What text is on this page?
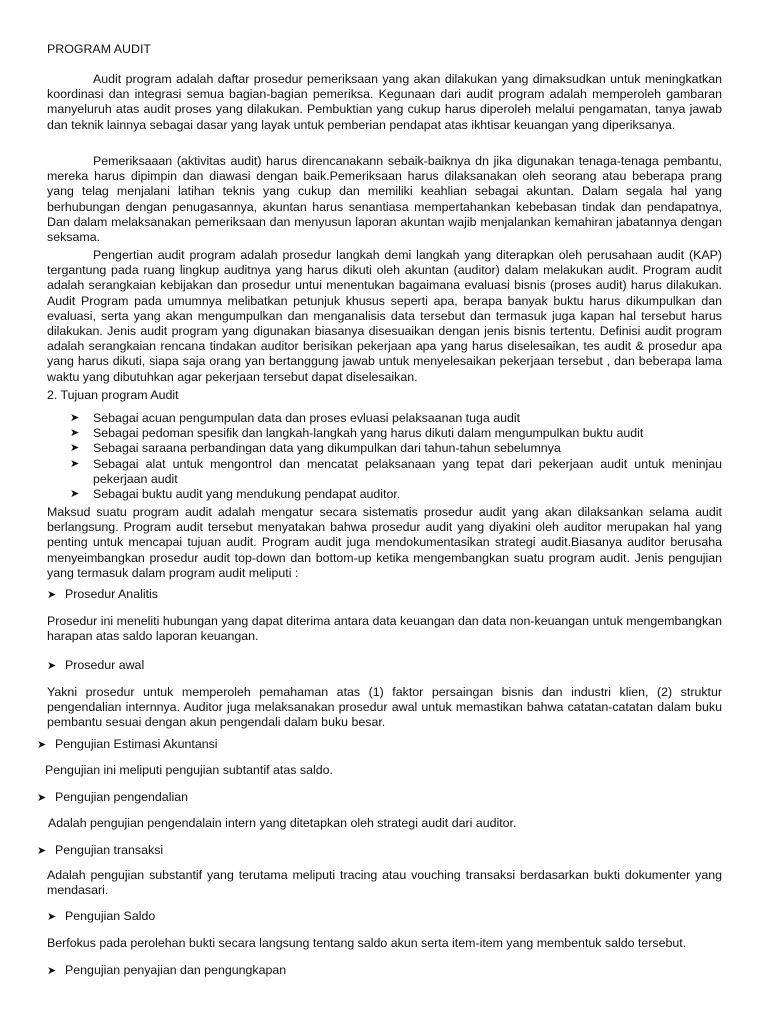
PROGRAM AUDIT

Audit program adalah daftar prosedur pemeriksaan yang akan dilakukan yang dimaksudkan untuk meningkatkan koordinasi dan integrasi semua bagian-bagian pemeriksa. Kegunaan dari audit program adalah memperoleh gambaran manyeluruh atas audit proses yang dilakukan. Pembuktian yang cukup harus diperoleh melalui pengamatan, tanya jawab dan teknik lainnya sebagai dasar yang layak untuk pemberian pendapat atas ikhtisar keuangan yang diperiksanya.

Pemeriksaaan (aktivitas audit) harus direncanakann sebaik-baiknya dn jika digunakan tenaga-tenaga pembantu, mereka harus dipimpin dan diawasi dengan baik.Pemeriksaan harus dilaksanakan oleh seorang atau beberapa prang yang telag menjalani latihan teknis yang cukup dan memiliki keahlian sebagai akuntan. Dalam segala hal yang berhubungan dengan penugasannya, akuntan harus senantiasa mempertahankan kebebasan tindak dan pendapatnya, Dan dalam melaksanakan pemeriksaan dan menyusun laporan akuntan wajib menjalankan kemahiran jabatannya dengan seksama.

Pengertian audit program adalah prosedur langkah demi langkah yang diterapkan oleh perusahaan audit (KAP) tergantung pada ruang lingkup auditnya yang harus dikuti oleh akuntan (auditor) dalam melakukan audit. Program audit adalah serangkaian kebijakan dan prosedur untui menentukan bagaimana evaluasi bisnis (proses audit) harus dilakukan. Audit Program pada umumnya melibatkan petunjuk khusus seperti apa, berapa banyak buktu harus dikumpulkan dan evaluasi, serta yang akan mengumpulkan dan menganalisis data tersebut dan termasuk juga kapan hal tersebut harus dilakukan. Jenis audit program yang digunakan biasanya disesuaikan dengan jenis bisnis tertentu. Definisi audit program adalah serangkaian rencana tindakan auditor berisikan pekerjaan apa yang harus diselesaikan, tes audit & prosedur apa yang harus dikuti, siapa saja orang yan bertanggung jawab untuk menyelesaikan pekerjaan tersebut , dan beberapa lama waktu yang dibutuhkan agar pekerjaan tersebut dapat diselesaikan.

2. Tujuan program Audit

➤ Sebagai acuan pengumpulan data dan proses evluasi pelaksaanan tuga audit
➤ Sebagai pedoman spesifik dan langkah-langkah yang harus dikuti dalam mengumpulkan buktu audit
➤ Sebagai saraana perbandingan data yang dikumpulkan dari tahun-tahun sebelumnya
➤ Sebagai alat untuk mengontrol dan mencatat pelaksanaan yang tepat dari pekerjaan audit untuk meninjau pekerjaan audit
➤ Sebagai buktu audit yang mendukung pendapat auditor.

Maksud suatu program audit adalah mengatur secara sistematis prosedur audit yang akan dilaksankan selama audit berlangsung. Program audit tersebut menyatakan bahwa prosedur audit yang diyakini oleh auditor merupakan hal yang penting untuk mencapai tujuan audit. Program audit juga mendokumentasikan strategi audit.Biasanya auditor berusaha menyeimbangkan prosedur audit top-down dan bottom-up ketika mengembangkan suatu program audit. Jenis pengujian yang termasuk dalam program audit meliputi :

➤ Prosedur Analitis

Prosedur ini meneliti hubungan yang dapat diterima antara data keuangan dan data non-keuangan untuk mengembangkan harapan atas saldo laporan keuangan.

➤ Prosedur awal

Yakni prosedur untuk memperoleh pemahaman atas (1) faktor persaingan bisnis dan industri klien, (2) struktur pengendalian internnya. Auditor juga melaksanakan prosedur awal untuk memastikan bahwa catatan-catatan dalam buku pembantu sesuai dengan akun pengendali dalam buku besar.

➤ Pengujian Estimasi Akuntansi

Pengujian ini meliputi pengujian subtantif atas saldo.

➤ Pengujian pengendalian

Adalah pengujian pengendalain intern yang ditetapkan oleh strategi audit dari auditor.

➤ Pengujian transaksi

Adalah pengujian substantif yang terutama meliputi tracing atau vouching transaksi berdasarkan bukti dokumenter yang mendasari.

➤ Pengujian Saldo

Berfokus pada perolehan bukti secara langsung tentang saldo akun serta item-item yang membentuk saldo tersebut.

➤ Pengujian penyajian dan pengungkapan
